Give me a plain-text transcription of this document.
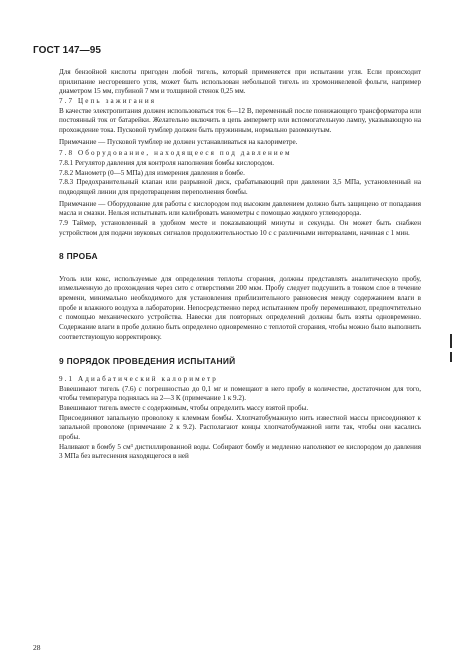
ГОСТ 147—95

Для бензойной кислоты пригоден любой тигель, который применяется при испытании угля. Если происходит прилипание несгоревшего угля, может быть использован небольшой тигель из хромоникелевой фольги, например диаметром 15 мм, глубиной 7 мм и толщиной стенок 0,25 мм.

7.7 Цепь зажигания

В качестве электропитания должен использоваться ток 6—12 В, переменный после понижающего трансформатора или постоянный ток от батарейки. Желательно включить в цепь амперметр или вспомогательную лампу, указывающую на прохождение тока. Пусковой тумблер должен быть пружинным, нормально разомкнутым.

Примечание — Пусковой тумблер не должен устанавливаться на калориметре.

7.8 Оборудование, находящееся под давлением

7.8.1 Регулятор давления для контроля наполнения бомбы кислородом.

7.8.2 Манометр (0—5 МПа) для измерения давления в бомбе.

7.8.3 Предохранительный клапан или разрывной диск, срабатывающий при давлении 3,5 МПа, установленный на подводящей линии для предотвращения переполнения бомбы.

Примечание — Оборудование для работы с кислородом под высоким давлением должно быть защищено от попадания масла и смазки. Нельзя испытывать или калибровать манометры с помощью жидкого углеводорода.

7.9 Таймер, установленный в удобном месте и показывающий минуты и секунды. Он может быть снабжен устройством для подачи звуковых сигналов продолжительностью 10 с с различными интервалами, начиная с 1 мин.

8 ПРОБА

Уголь или кокс, используемые для определения теплоты сгорания, должны представлять аналитическую пробу, измельченную до прохождения через сито с отверстиями 200 мкм. Пробу следует подсушить в тонком слое в течение времени, минимально необходимого для установления приблизительного равновесия между содержанием влаги в пробе и влажного воздуха в лаборатории. Непосредственно перед испытанием пробу перемешивают, предпочтительно с помощью механического устройства. Навески для повторных определений должны быть взяты одновременно. Содержание влаги в пробе должно быть определено одновременно с теплотой сгорания, чтобы можно было выполнить соответствующую корректировку.

9 ПОРЯДОК ПРОВЕДЕНИЯ ИСПЫТАНИЙ

9.1 Адиабатический калориметр

Взвешивают тигель (7.6) с погрешностью до 0,1 мг и помещают в него пробу в количестве, достаточном для того, чтобы температура поднялась на 2—3 К (примечание 1 к 9.2).

Взвешивают тигель вместе с содержимым, чтобы определить массу взятой пробы.

Присоединяют запальную проволоку к клеммам бомбы. Хлопчатобумажную нить известной массы присоединяют к запальной проволоке (примечание 2 к 9.2). Располагают концы хлопчатобумажной нити так, чтобы они касались пробы.

Наливают в бомбу 5 см³ дистиллированной воды. Собирают бомбу и медленно наполняют ее кислородом до давления 3 МПа без вытеснения находящегося в ней

28
